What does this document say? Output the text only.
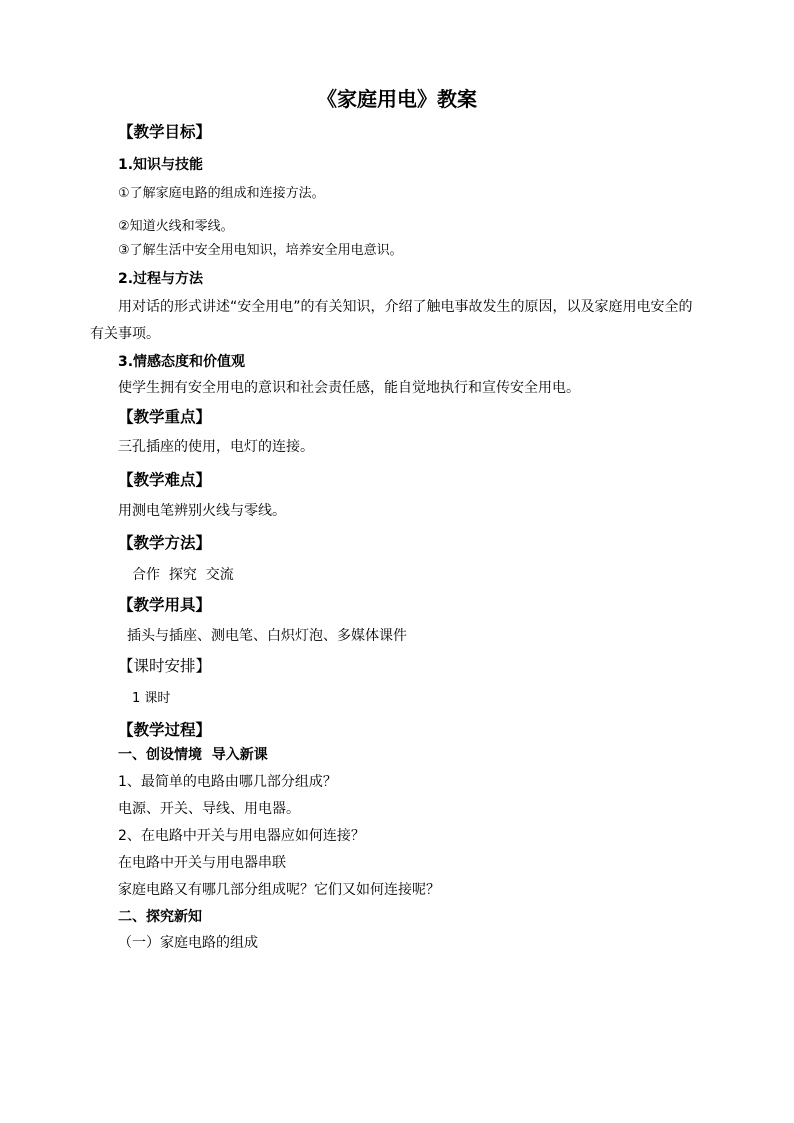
《家庭用电》教案
【教学目标】
1.知识与技能
①了解家庭电路的组成和连接方法。
②知道火线和零线。
③了解生活中安全用电知识，培养安全用电意识。
2.过程与方法
用对话的形式讲述“安全用电”的有关知识，介绍了触电事故发生的原因，以及家庭用电安全的
有关事项。
3.情感态度和价值观
使学生拥有安全用电的意识和社会责任感，能自觉地执行和宣传安全用电。
【教学重点】
三孔插座的使用，电灯的连接。
【教学难点】
用测电笔辨别火线与零线。
【教学方法】
合作  探究  交流
【教学用具】
插头与插座、测电笔、白炽灯泡、多媒体课件
【课时安排】
1 课时
【教学过程】
一、创设情境  导入新课
1、最简单的电路由哪几部分组成？
电源、开关、导线、用电器。
2、在电路中开关与用电器应如何连接？
在电路中开关与用电器串联
家庭电路又有哪几部分组成呢？它们又如何连接呢？
二、探究新知
（一）家庭电路的组成
